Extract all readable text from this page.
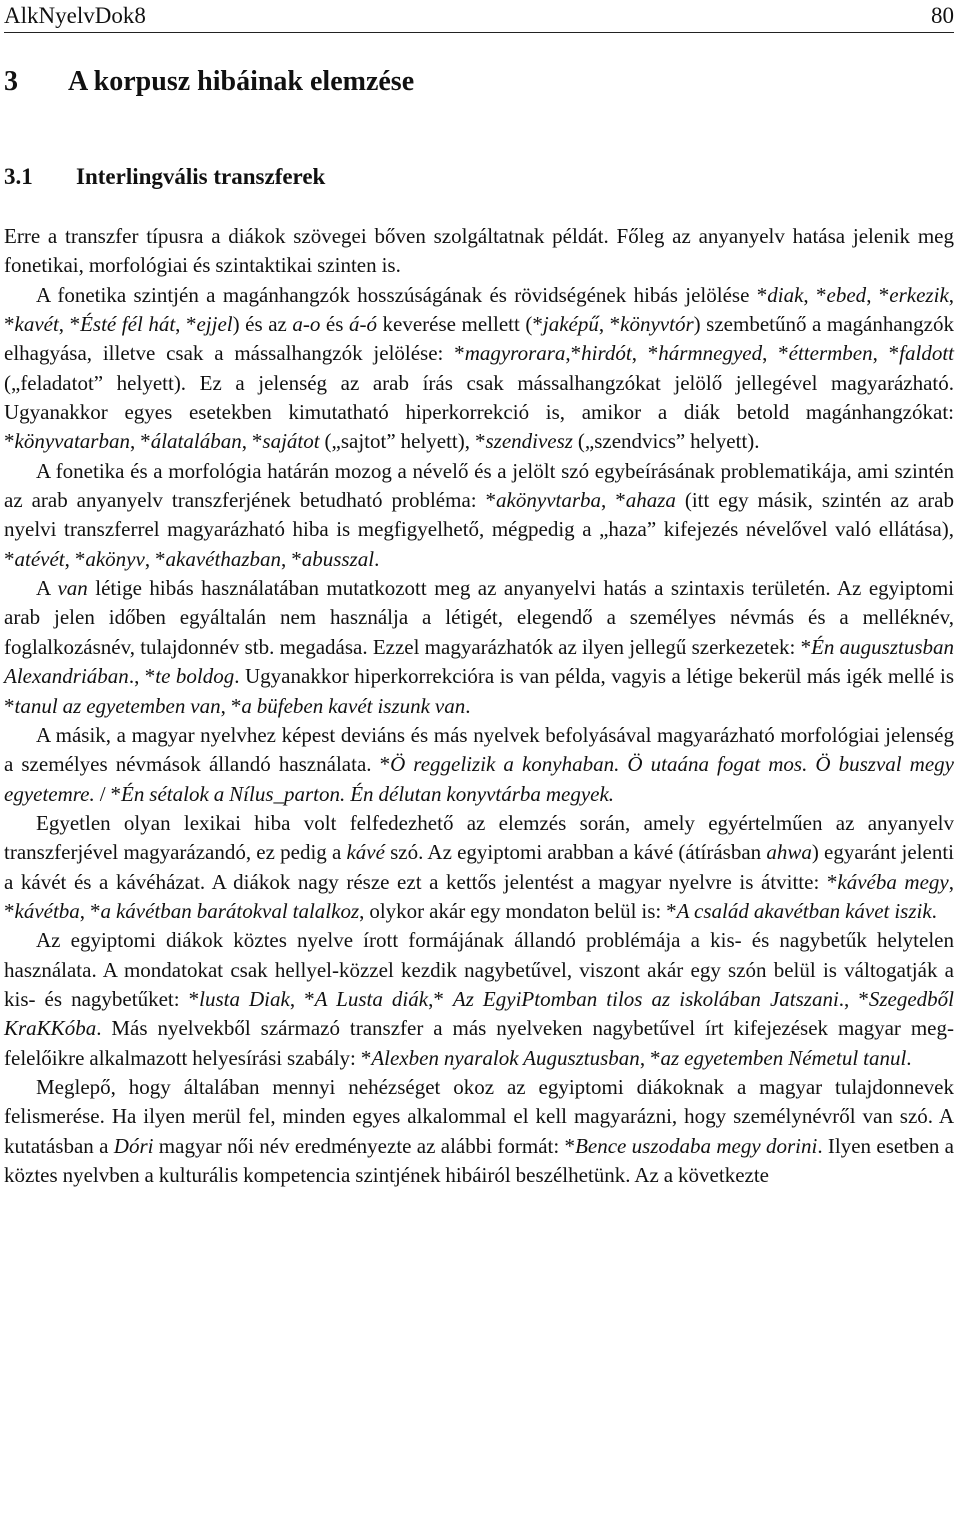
AlkNyelvDok8	80
3 A korpusz hibáinak elemzése
3.1 Interlingvális transzferek

Erre a transzfer típusra a diákok szövegei bőven szolgáltatnak példát. Főleg az anyanyelv hatása jelenik meg fonetikai, morfológiai és szintaktikai szinten is.

A fonetika szintjén a magánhangzók hosszúságának és rövidségének hibás jelölése *diak, *ebed, *erkezik, *kavét, *Ésté fél hát, *ejjel) és az a-o és á-ó keverése mellett (*jaképű, *könyvtór) szembetűnő a magánhangzók elhagyása, illetve csak a mássalhangzók jelölése: *magyrorara,*hirdót, *hármnegyed, *éttermben, *faldott („feladatot” helyett). Ez a jelenség az arab írás csak mássalhangzókat jelölő jellegével magyarázható. Ugyanakkor egyes esetekben kimutatható hiperkorrekció is, amikor a diák betold magánhangzókat: *könyvatarban, *álatalában, *sajátot („sajtot” helyett), *szendivesz („szendvics” helyett).

A fonetika és a morfológia határán mozog a névelő és a jelölt szó egybeírásának problematikája, ami szintén az arab anyanyelv transzferjének betudható probléma: *akönyvtarba, *ahaza (itt egy másik, szintén az arab nyelvi transzferrel magyarázható hiba is megfigyelhető, mégpedig a „haza” kifejezés névelővel való ellátása), *atévét, *akönyv, *akavéthazban, *abusszal.

A van létige hibás használatában mutatkozott meg az anyanyelvi hatás a szintaxis területén. Az egyiptomi arab jelen időben egyáltalán nem használja a létigét, elegendő a személyes névmás és a melléknév, foglalkozásnév, tulajdonnév stb. megadása. Ezzel magyarázhatók az ilyen jellegű szerkezetek: *Én augusztusban Alexandriában., *te boldog. Ugyanakkor hiperkorrekcióra is van példa, vagyis a létige bekerül más igék mellé is *tanul az egyetemben van, *a büfeben kavét iszunk van.

A másik, a magyar nyelvhez képest deviáns és más nyelvek befolyásával magyarázható morfológiai jelenség a személyes névmások állandó használata. *Ö reggelizik a konyhaban. Ö utaána fogat mos. Ö buszval megy egyetemre. / *Én sétalok a Nílus_parton. Én délutan konyvtárba megyek.

Egyetlen olyan lexikai hiba volt felfedezhető az elemzés során, amely egyértelműen az anyanyelv transzferjével magyarázandó, ez pedig a kávé szó. Az egyiptomi arabban a kávé (átírásban ahwa) egyaránt jelenti a kávét és a kávéházat. A diákok nagy része ezt a kettős jelentést a magyar nyelvre is átvitte: *kávéba megy, *kávétba, *a kávétban barátokval talalkoz, olykor akár egy mondaton belül is: *A család akavétban kávet iszik.

Az egyiptomi diákok köztes nyelve írott formájának állandó problémája a kis- és nagybetűk helytelen használata. A mondatokat csak hellyel-közzel kezdik nagybetűvel, viszont akár egy szón belül is váltogatják a kis- és nagybetűket: *lusta Diak, *A Lusta diák,* Az EgyiPtomban tilos az iskolában Jatszani., *Szegedből KraKKóba. Más nyelvekből származó transzfer a más nyelveken nagybetűvel írt kifejezések magyar megfelelőikre alkalmazott helyesírási szabály: *Alexben nyaralok Augusztusban, *az egyetemben Németul tanul.

Meglepő, hogy általában mennyi nehézséget okoz az egyiptomi diákoknak a magyar tulajdonnevek felismerése. Ha ilyen merül fel, minden egyes alkalommal el kell magyarázni, hogy személynévről van szó. A kutatásban a Dóri magyar női név eredményezte az alábbi formát: *Bence uszodaba megy dorini. Ilyen esetben a köztes nyelvben a kulturális kompetencia szintjének hibáiról beszélhetünk. Az a következte
